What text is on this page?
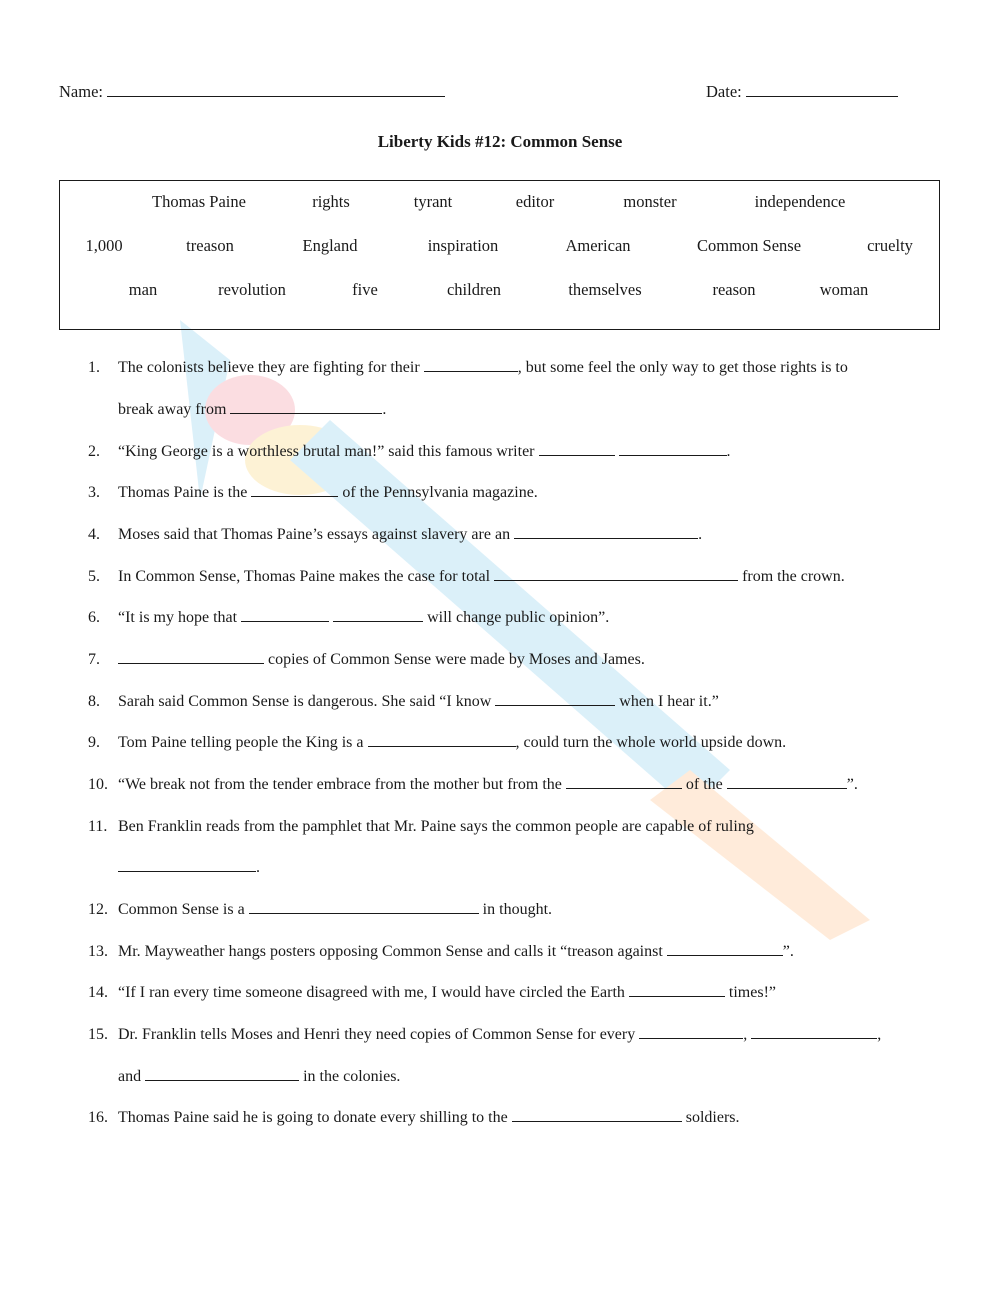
Name:	Date:
Liberty Kids #12: Common Sense
Thomas Paine	rights	tyrant	editor	monster	independence
1,000	treason	England	inspiration	American	Common Sense	cruelty
man	revolution	five	children	themselves	reason	woman
1. The colonists believe they are fighting for their	, but some feel the only way to get those rights is to
break away from	.
2. “King George is a worthless brutal man!” said this famous writer	.
3. Thomas Paine is the	of the Pennsylvania magazine.
4. Moses said that Thomas Paine’s essays against slavery are an	.
5. In Common Sense, Thomas Paine makes the case for total	from the crown.
6. “It is my hope that	will change public opinion”.
7.	copies of Common Sense were made by Moses and James.
8. Sarah said Common Sense is dangerous. She said “I know	when I hear it.”
9. Tom Paine telling people the King is a	, could turn the whole world upside down.
10. “We break not from the tender embrace from the mother but from the	of the	”.
11. Ben Franklin reads from the pamphlet that Mr. Paine says the common people are capable of ruling
.
12. Common Sense is a	in thought.
13. Mr. Mayweather hangs posters opposing Common Sense and calls it “treason against	”.
14. “If I ran every time someone disagreed with me, I would have circled the Earth	times!”
15. Dr. Franklin tells Moses and Henri they need copies of Common Sense for every	,	,
and	in the colonies.
16. Thomas Paine said he is going to donate every shilling to the	soldiers.
